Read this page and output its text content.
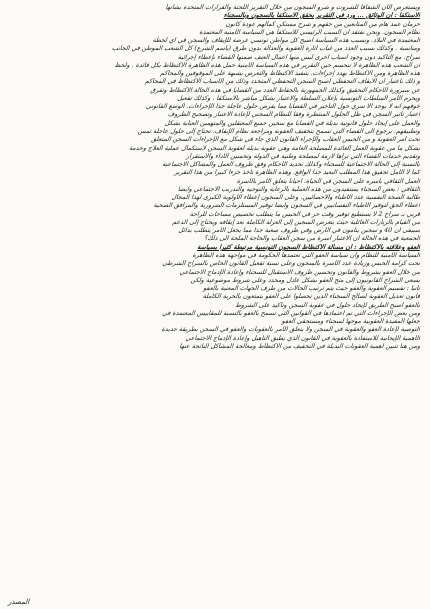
ويستعرض الآن الشقافا للشروت و شرو السجون من خلال التقرير اللجنة والقرارات المتحدة بشأنها
الاستكفا : ان الوثائق ... ورد في التقرير بحقق الاستكفا بالسجون وبالسجناء
حرمان عمد هام من المتابعين من حقهم و شرح مستكن كمالهم عودة كانون
نظام السجون. ونحن نفتقد ان السبب الرئيسي للاستكفا هي السياسة الأمنية المعتمدة
المعتمدة في البلاد. ونسبب هذه السياسة أصبح كل مواطن تونسي عرضة للإيقاف والسجن في أي لحظة
ومناسبة . وكذلك بسبب العدد من غياب اثارة العقوبة والعدالة بدون طرق (باسم الشرع) كل الشعب الموطن في الجانب
سراح. مع التأكيد دون وجود أسباب أخرى لبس منها أعمال العنف ضمنها القضاء بإعطاء إجرائية
ان الشعب هذه الظاهرة لا تنحسم حين التقرير في هذه السياسة الأمنية حمل هذه الظاهرة الاكتظاظ بكل فائدة . ولحظ
هذه الظاهرة ومن الاكتظاظ بهدد إجراءات. بتنفيذ الاكتظاظ والتعرض بشبهة على الموقوفين والمحاكم
و ذلك باعتبار ان الايقاف التحفظي أصبح السجن التحفظي المتحدد وذلك من الأسباب الاكتظاظ في المحاكم
عن سيرورة الأحكام التحقيق وكذلك الجمهورية بالحفاظ العدد من القضايا في هذه الحالة الاكتظاظ وتفرق
ويحرم الأمر السلطات التونسية بإعلان السلطة والاعتبار بشكل مباشر بالاستكفا . وكذلك تفعيل
خوفهم انه لا يوجد الا سري حول التأخير في القضايا مما يفرض حلول عاجلة جداً الإجراءات. الوضع القانوني
اعتبار تأثير السجن في ظل الحلول المنتظرة وفقاً للنظام السجني لإعادة الاعتبار وتصحيح الظروف
والعمل على إيجاد حلول قانونية بديلة في القضايا مع سجين جميع المعتقلين والمتهمين العناية بشكل
وتطبيقهم. برجوع الى القضاء التي تسمح بتخفيف العقوبة ومراجعة نظام الإيقاف. تحتاج إلى حلول عاجلة تمس
تحت أمر العقوبة و من الحبس العقاب والإجراء القانون الذي جاء في شكل مع الإجراءات السجن المتعلق
بشكل ما من عقوبة العمل الغائدة للمصلحة العامة وهي عقوبة بديلة لعقوبة السجن لاستكمال عملية العلاج وخدمة
وتقديم خدمات القضاء التي نراها لازمة لمصلحة وطنية في الدولة وتحسين الأداء والاستقرار
بالنسبة إلى الحالة الاجتماعية للسجناء وكذلك تحديد الأحكام وفق ظروف العمل والمشاكل الاجتماعية
كما لا الأمل تحقيق هذا المطلب البعيد جداً الواقع. وهذه الظاهرة تأخذ جزءاً كبيراً من هذا التقرير
العمل الثقافي بأسره على السجن في الحياة، أحيانا يتعلق الأمر بالأسرة
الثقافي : بعض السجناء يستفيدون من هذه العملية بالرعاية والتوجيه والتدريب الاجتماعي وأيضاً
طالبة الصحة النفسية عدد الأطباء والاخصائيين. وعلى السجون إعطاء الأولوية الكبرى لهذا المجال
اعطاء الحق لتوفير الأطباء النفسانيين في السجون وأيضاً توفير المستلزمات الضرورية والمرافق الصحية
قربي بـ سراح 2 لا يستطيع توفير وقت حر في الحبس ما يتطلب تخصيص مساحات للراحة
من القيام بالزيارات العائلية حيث يتعرض السجين إلى العزلة الكاملة بعد إيقافه ويحتاج إلى الدعم
سيبقى أن 40 و سجين ينامون في الأرض وفي ظروف صعبة جداً مما يجعل الأمر يتطلب بدائل
الجمعية في هذه الحالة ان الاعتبار أسرة من سجن العقاب والحاجة الملحة الى ذلك؟
العفو وعلاقته بالاكتظاظ : ان مسألة الاكتظاظ السجون التونسية مرتبطة كثيراً بسياسة
السياسة الأمنية للنظام وان سياسة العفو التي تعتمدها الحكومة في مواجهة هذه الظاهرة
تحت كرامة الحبس وزيادة عدد الأسرة بالسجون وعلى نسبة تفعيل القانون الخاص بالسراح الشرطي
من خلال العفو بشروط والقانون وتحسين ظروف الاستقبال للسجناء وإعادة الإدماج الاجتماعي
يسعى الشراح القانونيون إلى منح العفو بشكل عادل ومحدد وعلى شروط موضوعية ولكن
ثانياً : تقسيم العقوبة والعفو حيث يتم ترتيب الحالات من طرف الجهات المعنية بالعفو
قانون تعديل العقوبة لصالح السجناء الذين تحصلوا على العفو يتمتعون بالحرية الكاملة
بالعفو أصبح الطريق لإيجاد حلول في عقوبة السجن وتأكيد على الشروط
ومن بعض الإجراءات التي تم اعتمادها في القوانين التي تسمح بالعفو بالنسبة للمقاييس المعتمدة في
جعلها المفيدة العقوبية موجها لسجناء ومستحقي العفو
التوصية لإعادة العفو والعقوبة في السجن ولا يتعلق الأمر بالعقوبات والعفو في السجن بطريقة جديدة
الأهمية الإيجابية للاستفادة بالعقوبة في القانون الذي يطبق التأهيل وإعادة الإدماج الاجتماعي
ومن هنا تتبين أهمية العقوبات البديلة في التخفيف من الاكتظاظ ومعالجة المشاكل الناتجة عنها
المصدر
